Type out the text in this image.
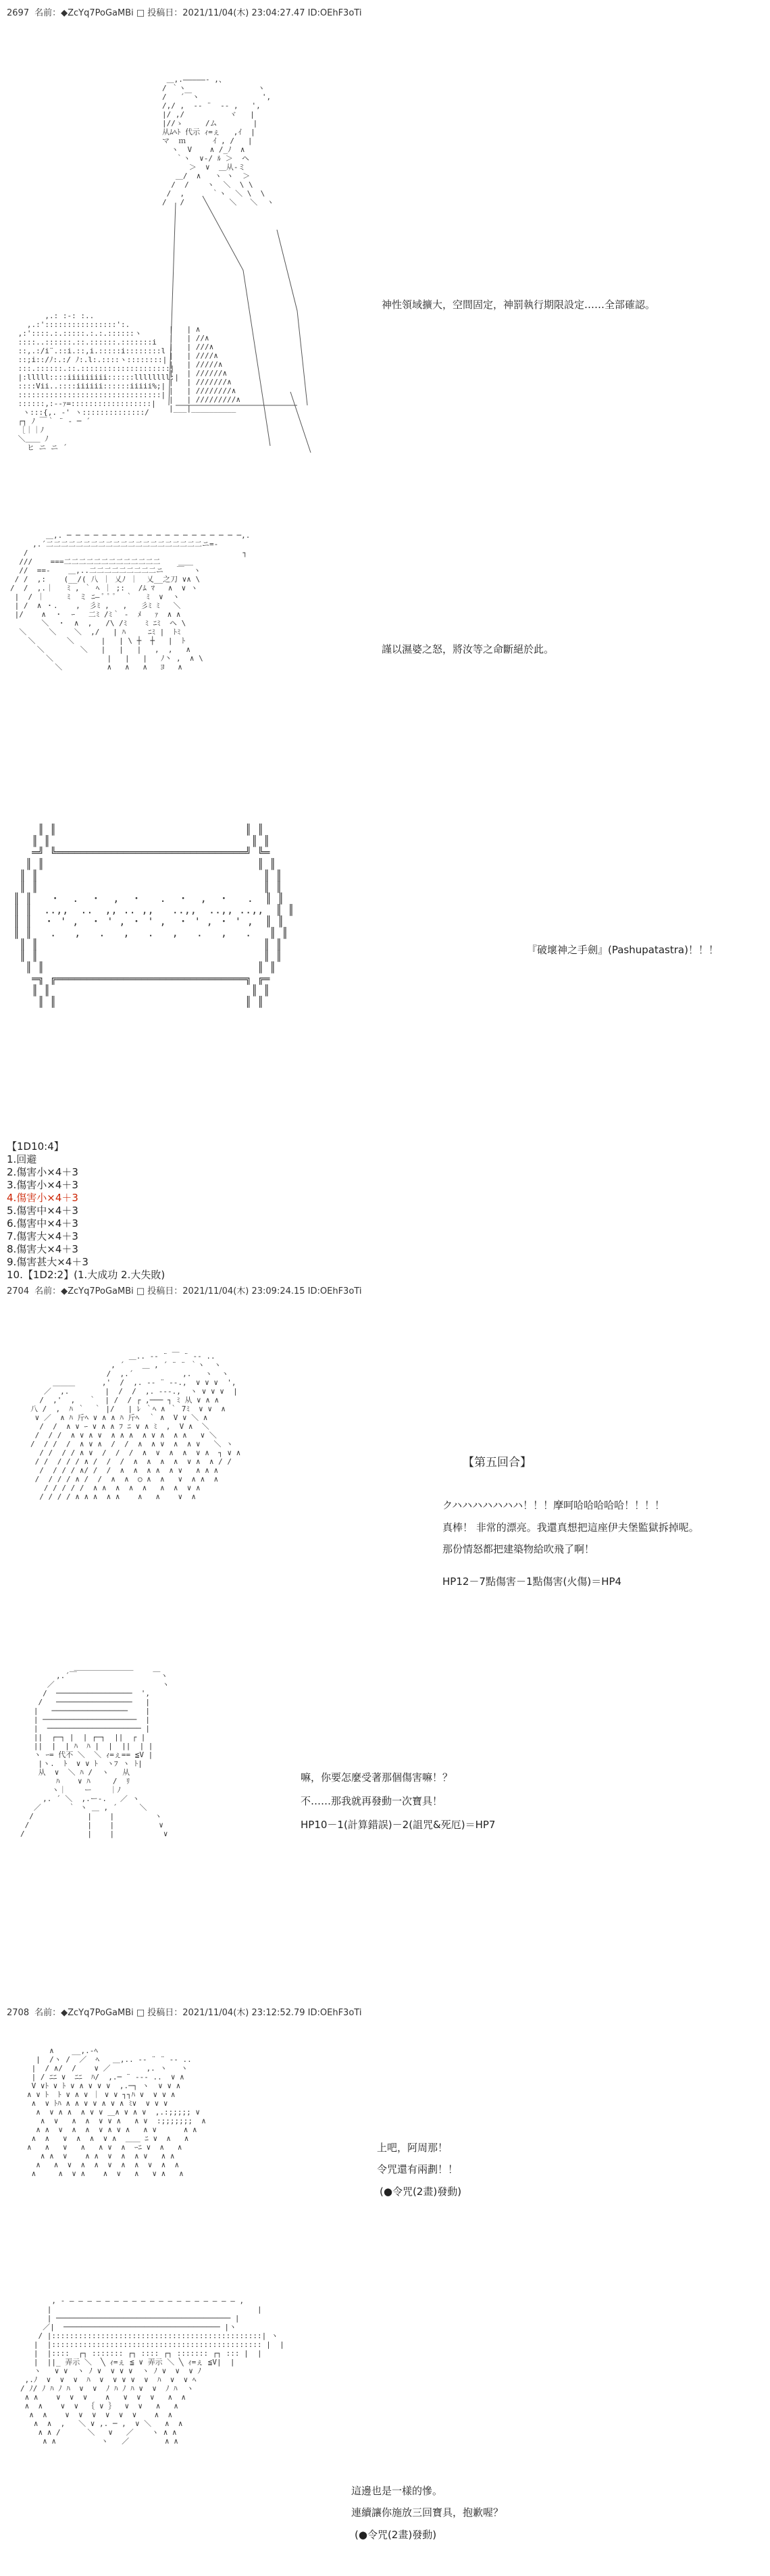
2697 名前：◆ZcYq7PoGaMBi □ 投稿日：2021/11/04(木) 23:04:27.47 ID:OEhF3oTi
＿,.―――――- ,、
/ ｀ヽ                ヽ
/   ´￣ヽ              ',
/,/ ,  -‐ ¨  ‐- ,   ',
|/ ,/          ヾ   |
|//ゝ     /ム        |
从ﾑﾍﾄ 代示 ｨ=ぇ   ,ｲ  |
マ  ｍ      ｲ , /   |
ヽ  V    ∧ /_ﾉ  ∧
｀ヽ  ∨‐/ ﾙ ＞  ヘ
＞  ∨  ＿从‐ミ
＿/  ∧   ヽ ヽ  ＞
/  /    ヽ  ＼  \ \
/  ,      ｀ヽ  ＼ \  \
/   /          ＼   ＼  ヽ
,.: :-: :..
,.:'::::::::::::::::':.
,:'::::.:.:::::.:.:.::::::ヽ
::::..::::::.::.::::::.:::::::i
::,.:/i¨.::i.::,i.:::::i::::::::l
::;i::/ﾉ:.:/ ﾉ:.l:.::::ヽ::::::::|
:::.::::::.::.::::::::::::::::::::|
|:lllll::::iiiiiiiii::::::llllllll:|
::::Vii..::::iiiiii::::::iiiii%;|
::::::::::::::::::::::::::::::::|
::::::,:-‐ｧ=::::::::::::::::::|
ヽ:::{,. ‐' ヽ::::::::::::::/
┌┐ ﾉ ￣｀ ¨ ‐ ─ ´
［｜｜ﾉ
＼＿＿ ﾉ
ヒ ニ ニ ´
|   | ∧
|   | //∧
|   | ///∧
|   | ////∧
|   | /////∧
|   | //////∧
|   | ///////∧
|   | ////////∧
|   | /////////∧
|___|__________
神性領域擴大，空間固定，神罰執行期限設定……全部確認。
＿,. ─ ─ ─ ─ ─ ─ ─ ─ ─ ─ ─ ─ ─ ─ ─ ─ ─ ─ ─ ─,.
,.´二二二二二二二二二二二二二二二二二二二二二ニ=‐
/                                                ┐
///    ===二二二二二二二二二二二二二    ＿＿
//  ==-    ＿,..二二二二二二二二二ニ   ￣  ヽ
/ /  ,:    (__/( 八 ｜ 乂ﾉ ｜  乂__之刀 ∨∧ \
/  /  ,.｜   ﾐ , ｀ ﾍ ｜ ;:   /ﾑ ﾏ   ∧  ∨ ヽ
|  / ｜     ﾐ  ミ ﾆ― ﾟ ﾟ ﾟ  ｀   ﾐ  ∨  ヽ
| /  ∧ ・.    ,  彡ﾐ ,   ,   彡ﾐ ﾐ   ＼
|/    ∧  ・  ｰ   二ﾐ /ﾐ｀ -  ﾒ   ｧ  ∧ ∧
＼  ・  ∧  ,   /\ /ﾐ    ﾐ ﾆﾐ  ヘ \
＼     ＼    ＼  ,/   | ﾊ     ﾆﾐ |  ﾄﾐ
＼       ＼      |   | \ ┼  ┼   |  ﾄ
＼        ＼   |   |   |   ,  ,   ∧
＼            |   |   |   ﾉ丶 ,  ∧ \
＼          ∧   ∧   ∧   ﾖ   ∧
謹以濕婆之怒，將汝等之命斷絕於此。
║ ║                               ║ ║
║ ║                                 ║ ║
═╝ ╚═══════════════════════════════╝ ╚═
║ ║                                   ║ ║
║ ║                                     ║ ║
║ ║                                     ║ ║
║ ║   ・  .  ・  ,  ・   .  ・  ,  ・   .  ║ ║
║ ║  ..,,  ..  ,, .. ,,   ..,,  ..,, ..,,  ║ ║
║ ║  ・ ' ,  ・ ' , ・ ' ,  ・ ' , ・ ' ,  ║ ║
║ ║   .   ,   .   ,   .   ,   .   ,   .   ║ ║
║ ║                                     ║ ║
║ ║                                     ║ ║
║ ║                                   ║ ║
═╗ ╔═══════════════════════════════╗ ╔═
║ ║                                 ║ ║
║ ║                               ║ ║
『破壞神之手劍』(Pashupatastra)！！！
【1D10:4】
1.回避
2.傷害小×4＋3
3.傷害小×4＋3
4.傷害小×4＋3
5.傷害中×4＋3
6.傷害中×4＋3
7.傷害大×4＋3
8.傷害大×4＋3
9.傷害甚大×4＋3
10.【1D2:2】(1.大成功 2.大失敗)
2704 名前：◆ZcYq7PoGaMBi □ 投稿日：2021/11/04(木) 23:09:24.15 ID:OEhF3oTi
＿.. -‐ ¨ ￣ ¨ ‐- ..
, ´    ＿ , ´ ¨ ¨ ｀ヽ  ヽ
/  ,.´           ,.   ヽ  ヽ
＿＿＿      ,'  /  ,. -‐ ¨ ‐-.,  ∨ ∨ ∨  ',
／  ,.        |  /  /  ,. -‐-.,  ヽ ∨ ∨ ∨  |
/  ,'  ,   ｀  | /  / ┌ ,─── ┐ ﾐ 从 ∨ ∧ ∧
八 /  ,  ﾊ ｀  ｀ |/   | ﾚ ｀ﾍ ∧ ｀ 7ﾐ  ∨ ∨  ∧
∨ ／  ∧ ﾊ 斤ﾍ ∨ ∧ ∧ ﾊ 斤ﾍ  ｀ ∧  V ∨ ＼ ∧
/  /  ∧ ∨ ｰ ∨ ∧ ∧ ﾌ ﾆ ∨ ∧ ﾐ  ,  V ∧  ＼
/  / /  ∧ ∨ ∧ ∨  ∧ ∧ ∧  ∧ ∨ ∧  ∧ ∧   ∨ ＼
/  / /  /  ∧ ∨ ∧  /  /  ∧  ∧ ∨  ∧  ∧ ∨   ＼ ヽ
/ /  / / ∧ ∨  /  /  /  ∧  ∨  ∧  ∧  ∨ ∧  ┐ ∨ ∧
/ /  / / / ∧ /  /  /  ∧  ∧  ∧  ∧  ∨ ∧  ∧ / /
/  / / / ∧/ /  /  ∧  ∧  ∧ ∧  ∧ ∨   ∧ ∧ ∧
/  / / / ∧ /  /  ∧  ∧  ○ ∧  ∧   ∨  ∧ ∧  ∧
/ / / / /  ∧ ∧  ∧  ∧  ∧   ∧  ∧  ∨ ∧
/ / / / ∧ ∧ ∧  ∧ ∧    ∧   ∧    ∨  ∧
【第五回合】
クハハハハハハハ！！！摩呵哈哈哈哈哈！！！！
真棒！ 非常的漂亮。我還真想把這座伊夫堡監獄拆掉呢。
那份情怒都把建築物給吹飛了啊！
HP12－7點傷害－1點傷害(火傷)＝HP4
＿＿＿＿＿＿＿＿
,.´￣                 ￣ヽ
／                        ヽ
/  ─────────────────  ',
/   ─────────────────   |
|   ─────────────────    |
| ─────────────────────  |
|  ───────────────────── |
||  ┌─┐ |  | ┌─┐  ||  ┌ |
||  |  | ﾊ  ﾊ |  |  ||  | |
ヽ ｰ= 代不 ＼  ＼ ｨ=ぇ== ≦V |
|ヽ.  ﾄ  ∨ ∨ ﾄ  ヽﾌ ヽ ﾄ|
从  ∨  ＼ ﾊ /  ヽ   从
ﾊ    ∨ ﾊ     /  ﾘ
ヽ｜    ー    ｜ﾉ
,. ´ ＼  ,.ー-.   ／ ヽ
／      ｀ ヽ ＿ , ´     ＼
/            |    |         ヽ
/             |    |          ∨
/              |    |           ∨
嘛，你要怎麼受著那個傷害嘛！？
不……那我就再發動一次寶具！
HP10－1(計算錯誤)－2(詛咒&死厄)＝HP7
2708 名前：◆ZcYq7PoGaMBi □ 投稿日：2021/11/04(木) 23:12:52.79 ID:OEhF3oTi
∧    __,.-ﾍ
|  /ヽ /  ／  ﾍ   ＿,.. -‐ ¨ ¨ ‐- ..
|  / ∧/  /    ∨ ／        ,. ヽ   ヽ
| / ﾆﾆ ∨  ﾆﾆ  ﾊ/  ,.─ ¨ ‐‐- ..  ∨ ∧
V ∨ﾄ ∨ ﾄ ∨ ∧ ∨ ∨ ∨  ,.─┐ ヽ  ∨ ∨ ∧
∧ ∨ ﾄ  ﾄ ∨ ∧ ∨ ｜ ∨ ∨ ┐┐ﾊ ∨  ∨ ∨ ∧
∧  ∨ ﾄﾊ ∧ ∧ ∨ ∨ ∧ ∨ ∧ ﾐ∨  ∨ ∨ ∨
∧  ∨ ∧ ∧  ∧ ∨ ∨ ＿∧ ∨ ∧ ∨  ,.:;;;;; ∨
∧  ∨   ∧  ∧  ∨ ∨ ∧   ∧ ∨  :;;;;;;;  ∧
∧ ∧  ∨  ∧  ∧  ∨ ∧ ∨ ∧   ∧ ∨      ∧ ∧
∧  ∧   ∨  ∧  ∧  ∨ ∧  ＿＿ ﾆ ∨  ∧   ∧
∧   ∧   ∨   ∧   ∧ ∨  ∧  ｰﾆ ∨  ∧   ∧
∧ ∧  ∨    ∧ ∧  ∨  ∧  ∧ ∨   ∧ ∧
∧   ∧  ∨  ∧  ∧  ∨  ∧  ∧  ∨  ∧  ∧
∧     ∧  ∨ ∧    ∧  ∨   ∧   ∨ ∧   ∧
上吧，阿周那！
令咒還有兩劃！！
(●令咒(2畫)發動)
, - ― ― ― ― ― ― ― ― ― ― ― ― ― ― ― ― ― ― ― ,
|                                              |
| ─────────────────────────────────────── |
／|  ─────────────────────────────────── |ヽ
/ |:::::::::::::::::::::::::::::::::::::::::::::::| ヽ
|  |::::::::::::::::::::::::::::::::::::::::::::::: |  |
|  |::::  ┌┐ ::::::: ┌┐ :::: ┌┐ ::::::: ┌┐ ::: |  |
|  ||_ 弄示 ＼  ╲ ｨ=ぇ ≦ ∨ 弄示 ＼ ╲ ｨ=ぇ ≦V|  |
ヽ   ∨ ∨  ヽ ﾉ ∨  ∨ ∨ ∨  ヽ ﾉ ∨  ∨  ∨ ﾉ
,.ﾉ  ∨  ∨  ∨  ﾊ  ∨  ∨ ∨ ∨  ∨  ﾊ  ∨  ∨ ﾍ
/ ﾉ/ ﾉ ﾊ ﾉ ﾊ  ∨  ∨  ﾉ ﾊ ﾉ ﾊ ∨  ∨  ﾉ ﾊ  ヽ
∧ ∧    ∨  ∨  ∨    ∧   ∨  ∨  ∨   ∧  ∧
∧  ∧    ∨  ∨  ｛ ∨ ｝  ∨  ∨   ∧   ∧
∧  ∧    ∨  ∨  ∨  ∨  ∨  ∨    ∧  ∧
∧  ∧  ,   ＼ ∨ ,. ─ ,  ∨ ＼   ∧  ∧
∧ ∧ /      ＼   ∨   ／    ヽ ∧ ∧
∧ ∧          ヽ   ／        ∧ ∧
這邊也是一樣的慘。
連續讓你施放三回寶具，抱歉喔？
(●令咒(2畫)發動)
